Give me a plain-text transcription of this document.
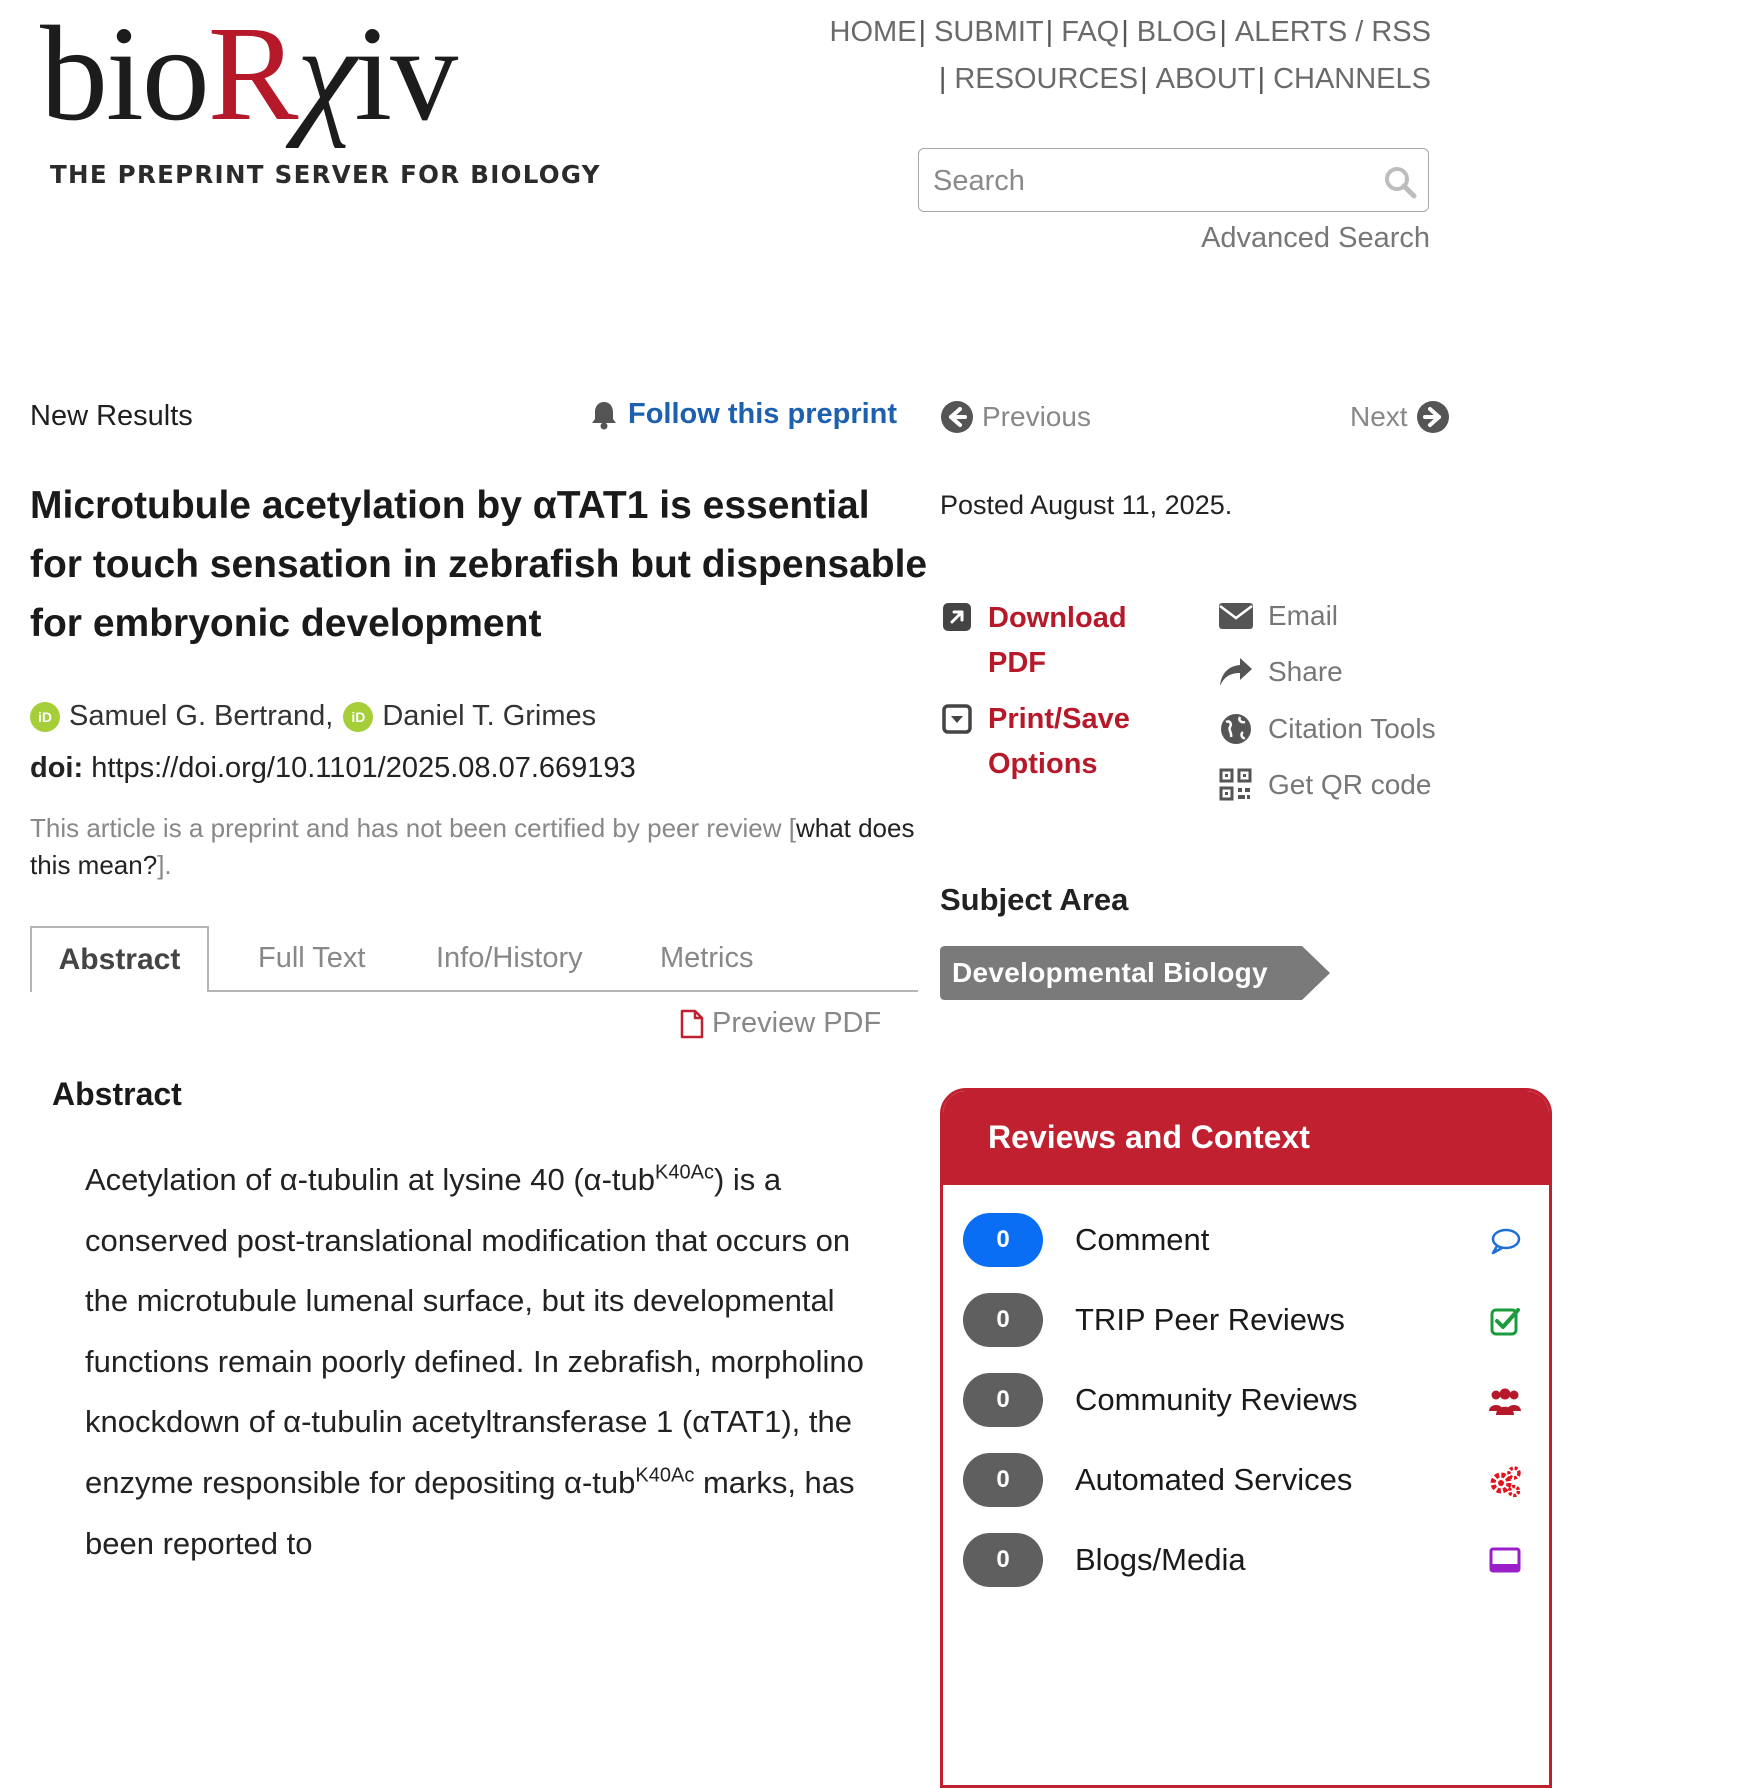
bioRχiv
THE PREPRINT SERVER FOR BIOLOGY
HOME| SUBMIT| FAQ| BLOG| ALERTS / RSS
| RESOURCES| ABOUT| CHANNELS
Search
Advanced Search
New Results	Follow this preprint	Previous	Next
Microtubule acetylation by αTAT1 is essential for touch sensation in zebrafish but dispensable for embryonic development
iD Samuel G. Bertrand,	iD Daniel T. Grimes
doi: https://doi.org/10.1101/2025.08.07.669193
This article is a preprint and has not been certified by peer review [what does this mean?].
Abstract	Full Text Info/History	Metrics
Preview PDF
Abstract
Acetylation of α-tubulin at lysine 40 (α-tub$^{K40Ac}$) is a conserved post-translational modification that occurs on the microtubule lumenal surface, but its developmental functions remain poorly defined. In zebrafish, morpholino knockdown of α-tubulin acetyltransferase 1 (αTAT1), the enzyme responsible for depositing α-tub$^{K40Ac}$ marks, has been reported to
Posted August 11, 2025.
Download PDF
Print/Save Options
Email
Share
Citation Tools
Get QR code
Subject Area
Developmental Biology
Reviews and Context
0	Comment
0	TRIP Peer Reviews
0	Community Reviews
0	Automated Services
0	Blogs/Media
